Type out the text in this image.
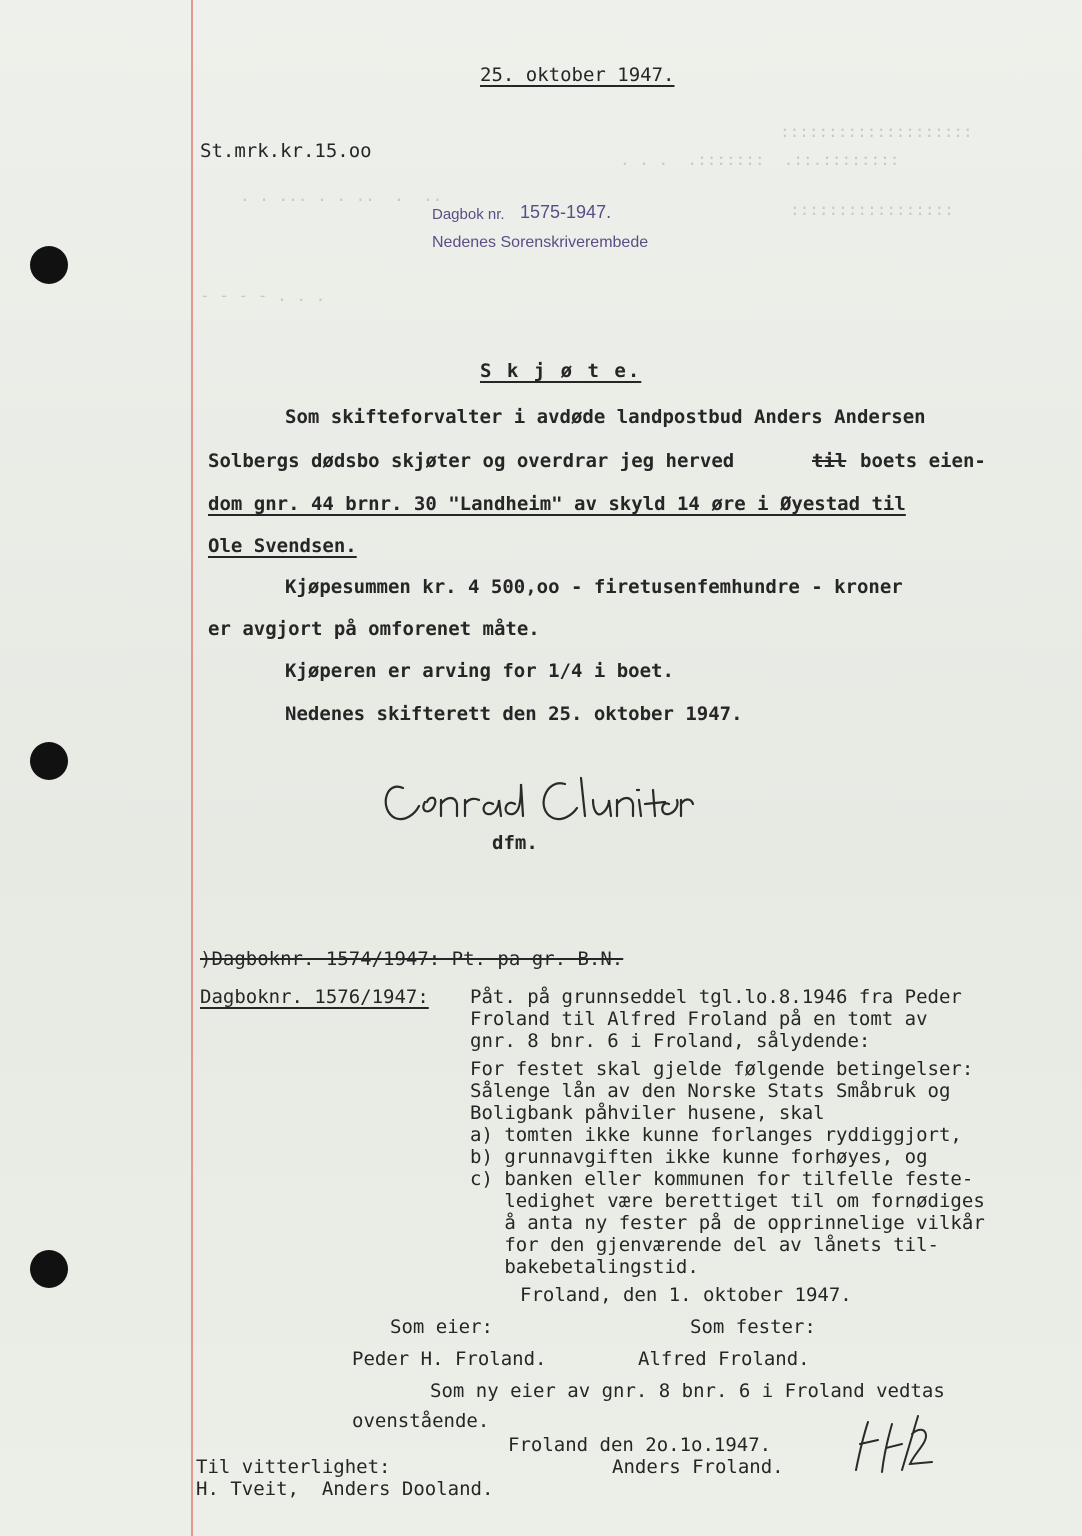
::::::::::::::::::::
. . .  .:::::::  .::.::::::::
. . ... . . ..  .  ..
- - - - . . .
:::::::::::::::::
25. oktober 1947.
St.mrk.kr.15.oo
Dagbok nr. 1575-1947.
Nedenes Sorenskriverembede
S k j ø t e.
Som skifteforvalter i avdøde landpostbud Anders Andersen
Solbergs dødsbo skjøter og overdrar jeg herved	til boets eien-
dom gnr. 44 brnr. 30 "Landheim" av skyld 14 øre i Øyestad til
Ole Svendsen.
Kjøpesummen kr. 4 500,oo - firetusenfemhundre - kroner
er avgjort på omforenet måte.
Kjøperen er arving for 1/4 i boet.
Nedenes skifterett den 25. oktober 1947.
dfm.
)Dagboknr. 1574/1947: Pt. pa gr. B.N.
Dagboknr. 1576/1947: Påt. på grunnseddel tgl.lo.8.1946 fra Peder
Froland til Alfred Froland på en tomt av
gnr. 8 bnr. 6 i Froland, sålydende:
For festet skal gjelde følgende betingelser:
Sålenge lån av den Norske Stats Småbruk og
Boligbank påhviler husene, skal
a) tomten ikke kunne forlanges ryddiggjort,
b) grunnavgiften ikke kunne forhøyes, og
c) banken eller kommunen for tilfelle feste-
ledighet være berettiget til om fornødiges
å anta ny fester på de opprinnelige vilkår
for den gjenværende del av lånets til-
bakebetalingstid.
Froland, den 1. oktober 1947.
Som eier:	Som fester:
Peder H. Froland.	Alfred Froland.
Som ny eier av gnr. 8 bnr. 6 i Froland vedtas
ovenstående.
Froland den 2o.1o.1947.
Anders Froland.
Til vitterlighet:
H. Tveit,  Anders Dooland.
